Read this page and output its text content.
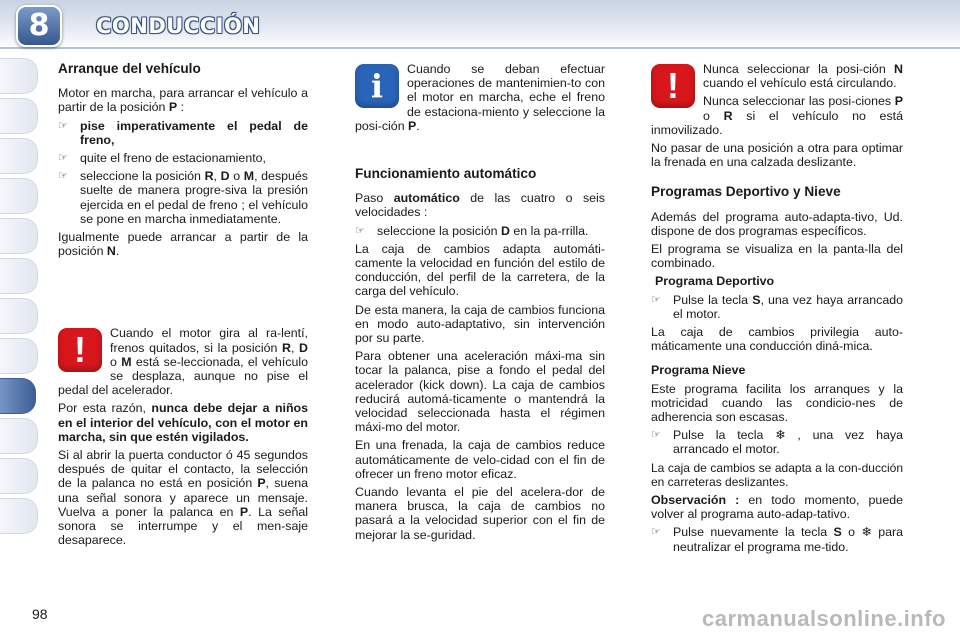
8	CONDUCCIÓN
Arranque del vehículo

Motor en marcha, para arrancar el vehículo a partir de la posición P :

☞ pise imperativamente el pedal de freno,
☞ quite el freno de estacionamiento,
☞ seleccione la posición R, D o M, después suelte de manera progre-siva la presión ejercida en el pedal de freno ; el vehículo se pone en marcha inmediatamente.

Igualmente puede arrancar a partir de la posición N.

!	Cuando el motor gira al ra-lentí, frenos quitados, si la posición R, D o M está se-leccionada, el vehículo se desplaza, aunque no pise el pedal del acelerador.

Por esta razón, nunca debe dejar a niños en el interior del vehículo, con el motor en marcha, sin que estén vigilados.

Si al abrir la puerta conductor ó 45 segundos después de quitar el contacto, la selección de la palanca no está en posición P, suena una señal sonora y aparece un mensaje. Vuelva a poner la palanca en P. La señal sonora se interrumpe y el men-saje desaparece.

i	Cuando se deban efectuar operaciones de mantenimien-to con el motor en marcha, eche el freno de estaciona-miento y seleccione la posi-ción P.

Funcionamiento automático

Paso automático de las cuatro o seis velocidades :

☞ seleccione la posición D en la pa-rrilla.

La caja de cambios adapta automáti-camente la velocidad en función del estilo de conducción, del perfil de la carretera, de la carga del vehículo.

De esta manera, la caja de cambios funciona en modo auto-adaptativo, sin intervención por su parte.

Para obtener una aceleración máxi-ma sin tocar la palanca, pise a fondo el pedal del acelerador (kick down). La caja de cambios reducirá automá-ticamente o mantendrá la velocidad seleccionada hasta el régimen máxi-mo del motor.

En una frenada, la caja de cambios reduce automáticamente de velo-cidad con el fin de ofrecer un freno motor eficaz.

Cuando levanta el pie del acelera-dor de manera brusca, la caja de cambios no pasará a la velocidad superior con el fin de mejorar la se-guridad.

!	Nunca seleccionar la posi-ción N cuando el vehículo está circulando.

Nunca seleccionar las posi-ciones P o R si el vehículo no está inmovilizado.

No pasar de una posición a otra para optimar la frenada en una calzada deslizante.

Programas Deportivo y Nieve

Además del programa auto-adapta-tivo, Ud. dispone de dos programas específicos.

El programa se visualiza en la panta-lla del combinado.

Programa Deportivo
☞ Pulse la tecla S, una vez haya arrancado el motor.

La caja de cambios privilegia auto-máticamente una conducción diná-mica.

Programa Nieve

Este programa facilita los arranques y la motricidad cuando las condicio-nes de adherencia son escasas.

☞ Pulse la tecla ❄ , una vez haya arrancado el motor.

La caja de cambios se adapta a la con-ducción en carreteras deslizantes.

Observación : en todo momento, puede volver al programa auto-adap-tativo.

☞ Pulse nuevamente la tecla S o ❄ para neutralizar el programa me-tido.
98	carmanualsonline.info
